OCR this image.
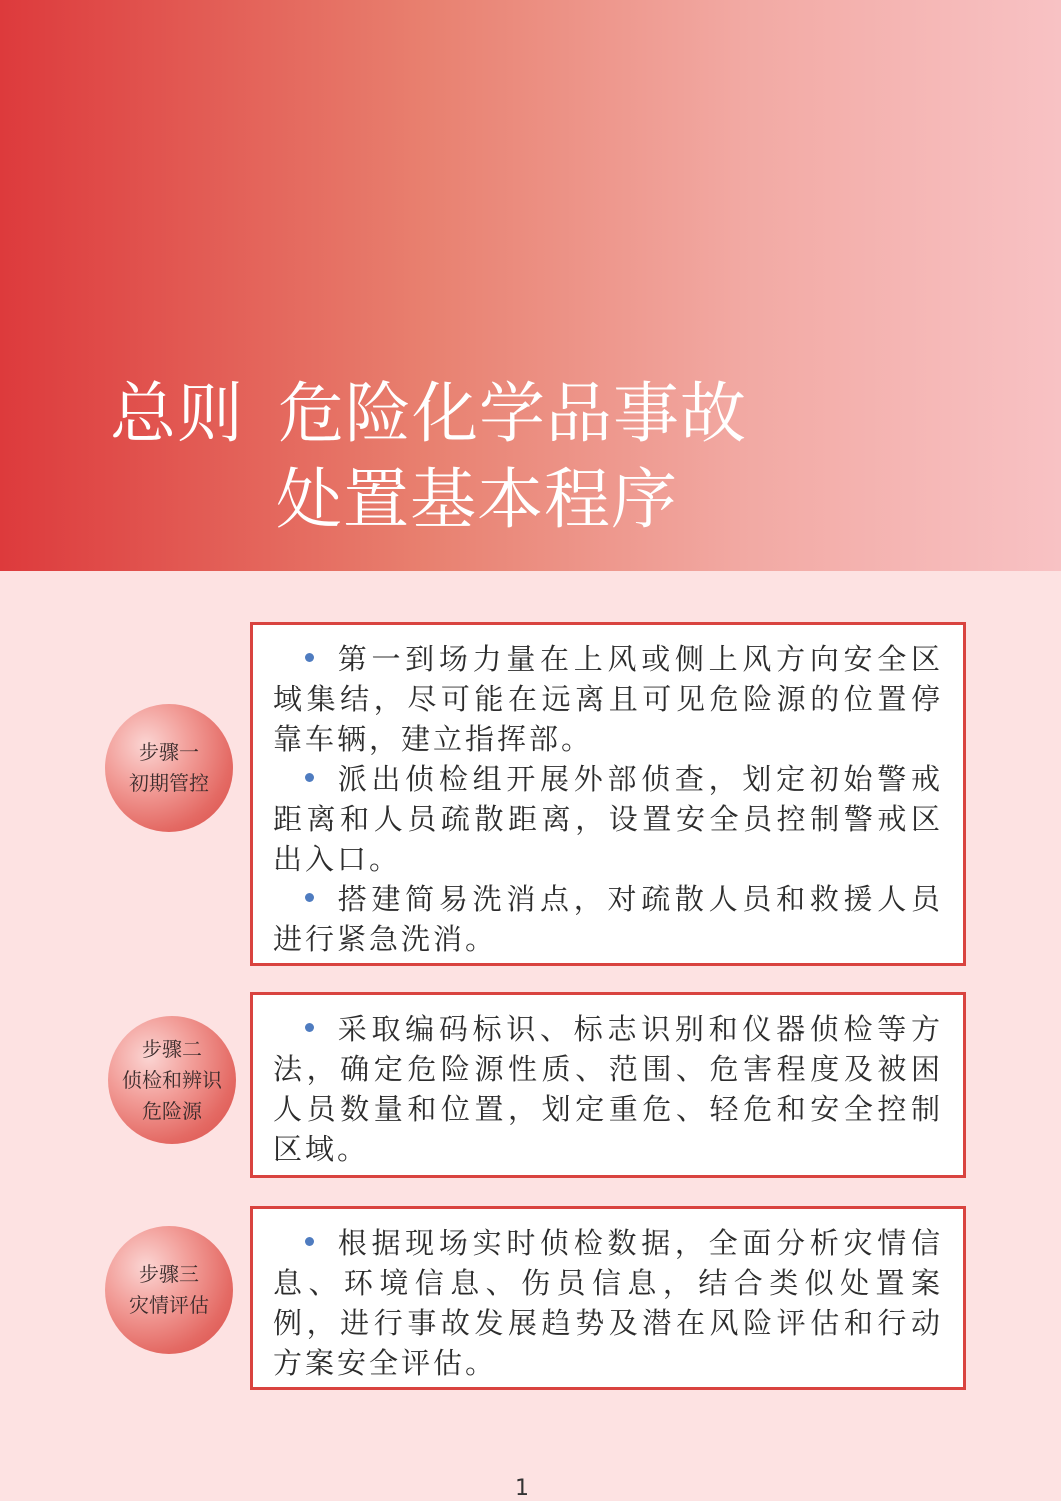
总则 危险化学品事故
处置基本程序
步骤一
初期管控

第一到场力量在上风或侧上风方向安全区域集结，尽可能在远离且可见危险源的位置停靠车辆，建立指挥部。

派出侦检组开展外部侦查，划定初始警戒距离和人员疏散距离，设置安全员控制警戒区出入口。

搭建简易洗消点，对疏散人员和救援人员进行紧急洗消。

步骤二
侦检和辨识
危险源

采取编码标识、标志识别和仪器侦检等方法，确定危险源性质、范围、危害程度及被困人员数量和位置，划定重危、轻危和安全控制区域。

步骤三
灾情评估

根据现场实时侦检数据，全面分析灾情信息、环境信息、伤员信息，结合类似处置案例，进行事故发展趋势及潜在风险评估和行动方案安全评估。

1
